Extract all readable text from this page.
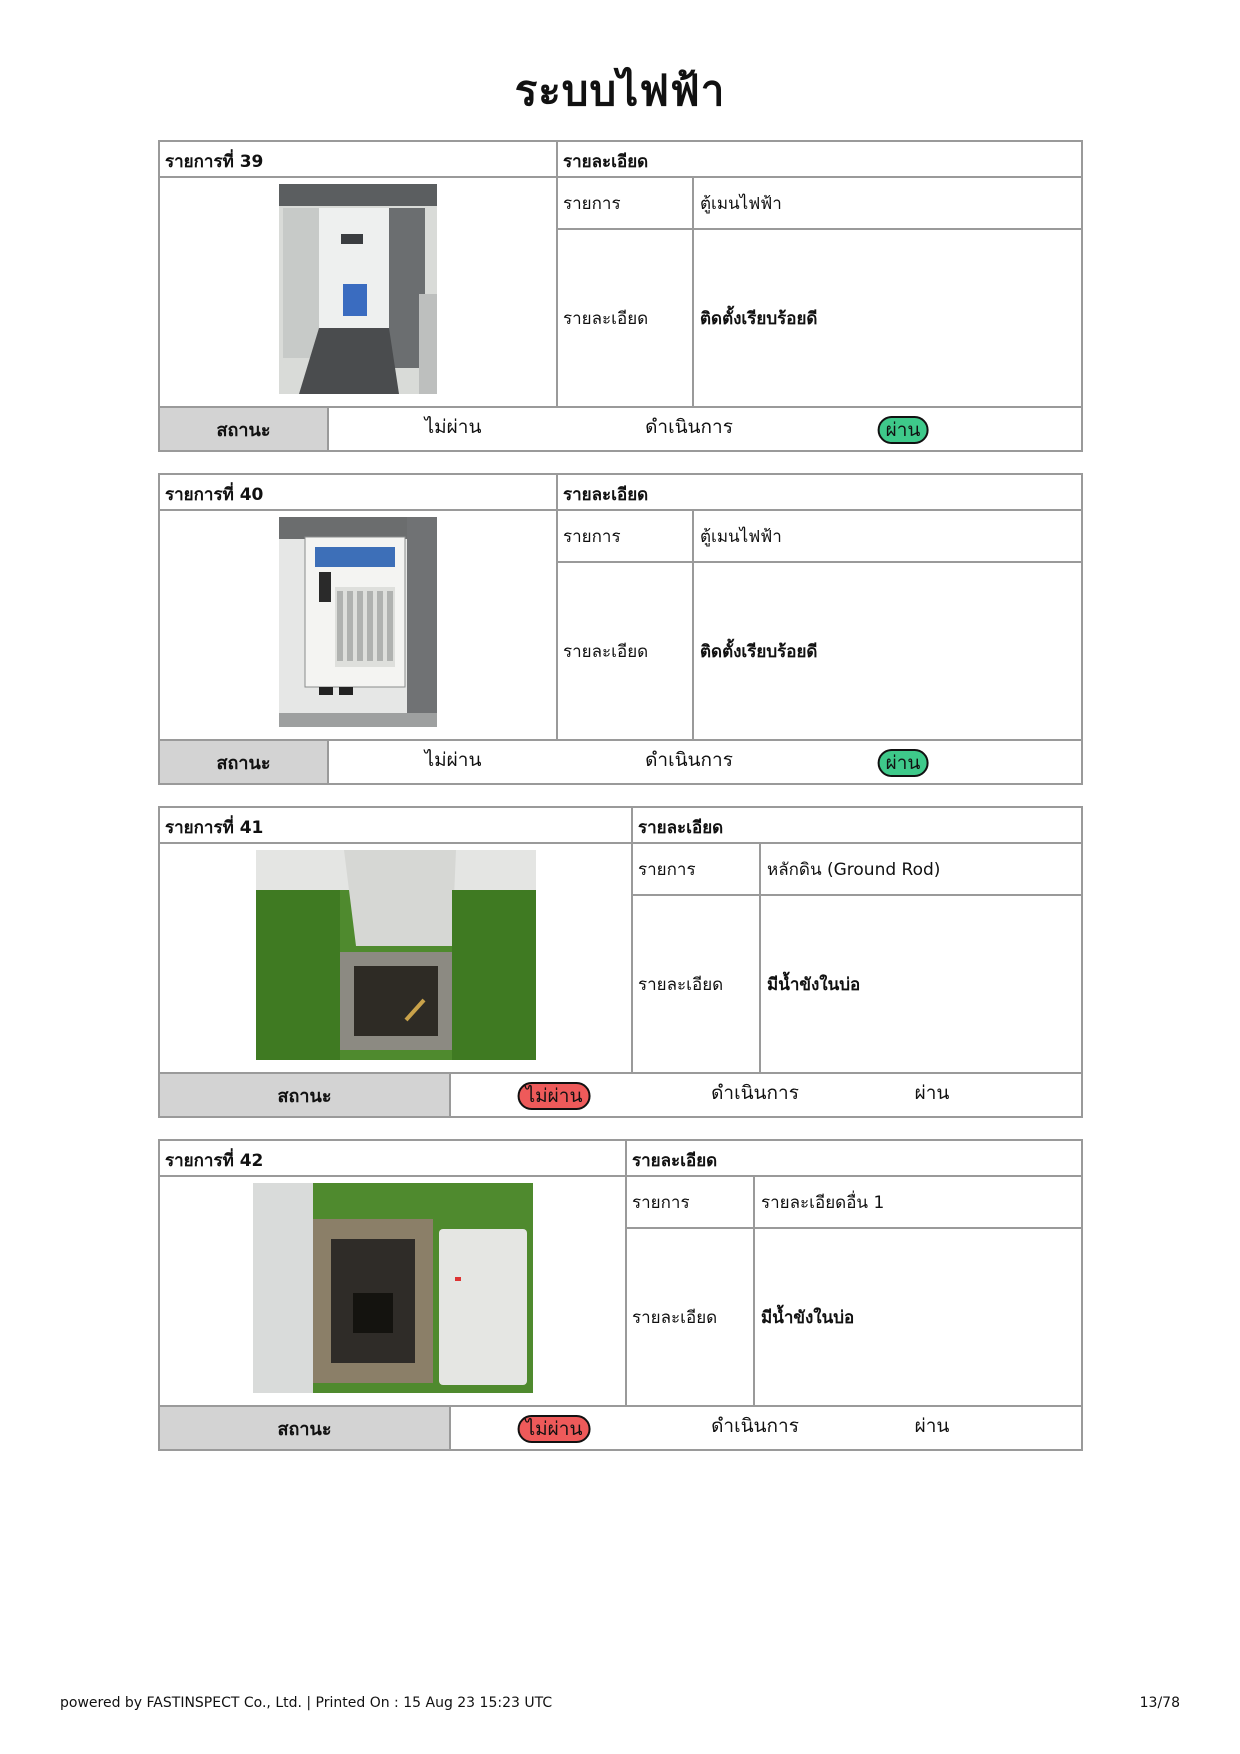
ระบบไฟฟ้า
รายการที่ 39	รายละเอียด
รายการ	ตู้เมนไฟฟ้า
รายละเอียด	ติดตั้งเรียบร้อยดี
สถานะ	ไม่ผ่าน	ดำเนินการ	ผ่าน
รายการที่ 40	รายละเอียด
รายการ	ตู้เมนไฟฟ้า
รายละเอียด	ติดตั้งเรียบร้อยดี
สถานะ	ไม่ผ่าน	ดำเนินการ	ผ่าน
รายการที่ 41	รายละเอียด
รายการ	หลักดิน (Ground Rod)
รายละเอียด	มีน้ำขังในบ่อ
สถานะ	ไม่ผ่าน	ดำเนินการ	ผ่าน
รายการที่ 42	รายละเอียด
รายการ	รายละเอียดอื่น 1
รายละเอียด	มีน้ำขังในบ่อ
สถานะ	ไม่ผ่าน	ดำเนินการ	ผ่าน
powered by FASTINSPECT Co., Ltd. | Printed On : 15 Aug 23 15:23 UTC	13/78
